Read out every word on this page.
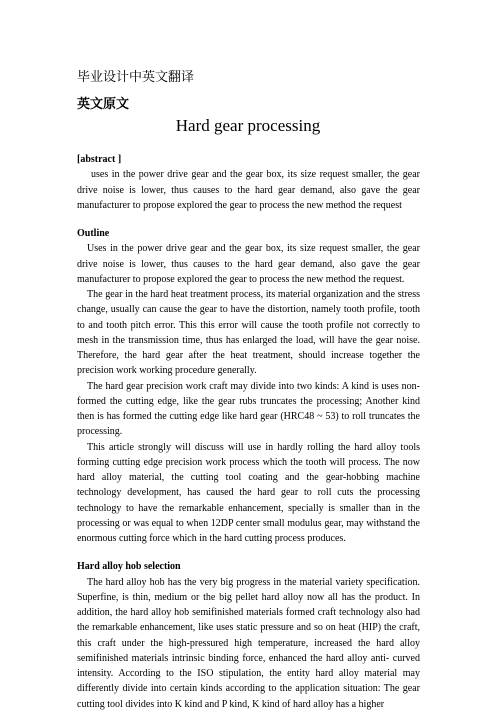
毕业设计中英文翻译
英文原文
Hard gear processing

[abstract ]

uses in the power drive gear and the gear box, its size request smaller, the gear drive noise is lower, thus causes to the hard gear demand, also gave the gear manufacturer to propose explored the gear to process the new method the request

Outline

Uses in the power drive gear and the gear box, its size request smaller, the gear drive noise is lower, thus causes to the hard gear demand, also gave the gear manufacturer to propose explored the gear to process the new method the request.

The gear in the hard heat treatment process, its material organization and the stress change, usually can cause the gear to have the distortion, namely tooth profile, tooth to and tooth pitch error. This this error will cause the tooth profile not correctly to mesh in the transmission time, thus has enlarged the load, will have the gear noise. Therefore, the hard gear after the heat treatment, should increase together the precision work working procedure generally.

The hard gear precision work craft may divide into two kinds: A kind is uses non-formed the cutting edge, like the gear rubs truncates the processing; Another kind then is has formed the cutting edge like hard gear (HRC48 ~ 53) to roll truncates the processing.

This article strongly will discuss will use in hardly rolling the hard alloy tools forming cutting edge precision work process which the tooth will process. The now hard alloy material, the cutting tool coating and the gear-hobbing machine technology development, has caused the hard gear to roll cuts the processing technology to have the remarkable enhancement, specially is smaller than in the processing or was equal to when 12DP center small modulus gear, may withstand the enormous cutting force which in the hard cutting process produces.

Hard alloy hob selection

The hard alloy hob has the very big progress in the material variety specification. Superfine, is thin, medium or the big pellet hard alloy now all has the product. In addition, the hard alloy hob semifinished materials formed craft technology also had the remarkable enhancement, like uses static pressure and so on heat (HIP) the craft, this craft under the high-pressured high temperature, increased the hard alloy semifinished materials intrinsic binding force, enhanced the hard alloy anti- curved intensity. According to the ISO stipulation, the entity hard alloy material may differently divide into certain kinds according to the application situation: The gear cutting tool divides into K kind and P kind, K kind of hard alloy has a higher
